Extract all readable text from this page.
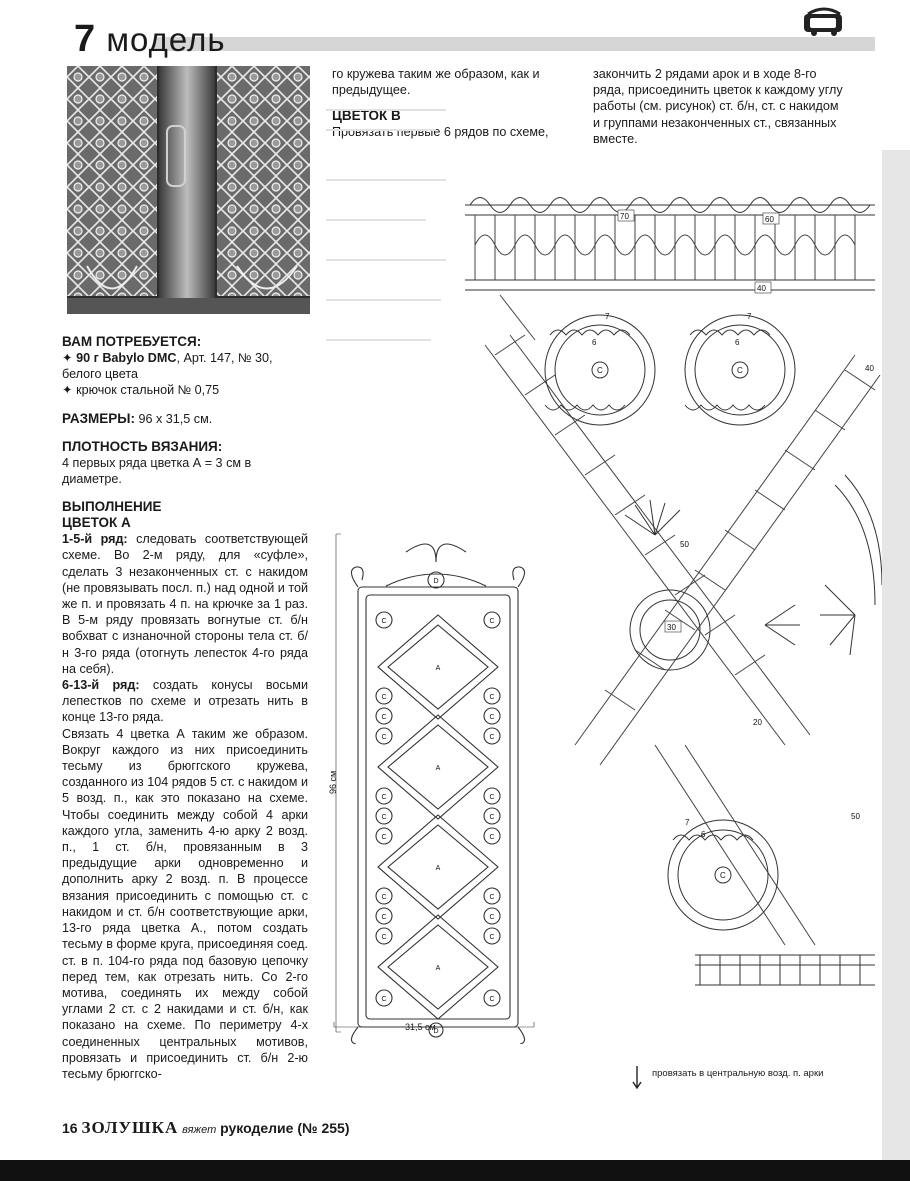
7 модель
ВАМ ПОТРЕБУЕТСЯ:

✦ 90 г Babylo DMC, Арт. 147, № 30, белого цвета

✦ крючок стальной № 0,75

РАЗМЕРЫ: 96 х 31,5 см.

ПЛОТНОСТЬ ВЯЗАНИЯ:

4 первых ряда цветка А = 3 см в диаметре.

ВЫПОЛНЕНИЕ
ЦВЕТОК А

1-5-й ряд: следовать соответствующей схеме. Во 2-м ряду, для «суфле», сделать 3 незаконченных ст. с накидом (не провязывать посл. п.) над одной и той же п. и провязать 4 п. на крючке за 1 раз. В 5-м ряду провязать вогнутые ст. б/н вобхват с изнаночной стороны тела ст. б/н 3-го ряда (отогнуть лепесток 4-го ряда на себя).

6-13-й ряд: создать конусы восьми лепестков по схеме и отрезать нить в конце 13-го ряда.

Связать 4 цветка А таким же образом. Вокруг каждого из них присоединить тесьму из брюггского кружева, созданного из 104 рядов 5 ст. с накидом и 5 возд. п., как это показано на схеме. Чтобы соединить между собой 4 арки каждого угла, заменить 4-ю арку 2 возд. п., 1 ст. б/н, провязанным в 3 предыдущие арки одновременно и дополнить арку 2 возд. п. В процессе вязания присоединить с помощью ст. с накидом и ст. б/н соответствующие арки, 13-го ряда цветка А., потом создать тесьму в форме круга, присоединяя соед. ст. в п. 104-го ряда под базовую цепочку перед тем, как отрезать нить. Со 2-го мотива, соединять их между собой углами 2 ст. с 2 накидами и ст. б/н, как показано на схеме. По периметру 4-х соединенных центральных мотивов, провязать и присоединить ст. б/н 2-ю тесьму брюггско-

го кружева таким же образом, как и предыдущее.

ЦВЕТОК В

Провязать первые 6 рядов по схеме,

закончить 2 рядами арок и в ходе 8-го ряда, присоединить цветок к каждому углу работы (см. рисунок) ст. б/н, ст. с накидом и группами незаконченных ст., связанных вместе.

70	60
40
50
30
20
50
40
7
6
7
6
7
6
C	C
C
A
A
A
A
D
D
C	C
C
C
C
C
C
C
C
C
C
C
C
C
C
C
C
C
C
C
C	C
96 см
31,5 см
провязать в центральную возд. п. арки
16 ЗОЛУШКА вяжет рукоделие (№ 255)
